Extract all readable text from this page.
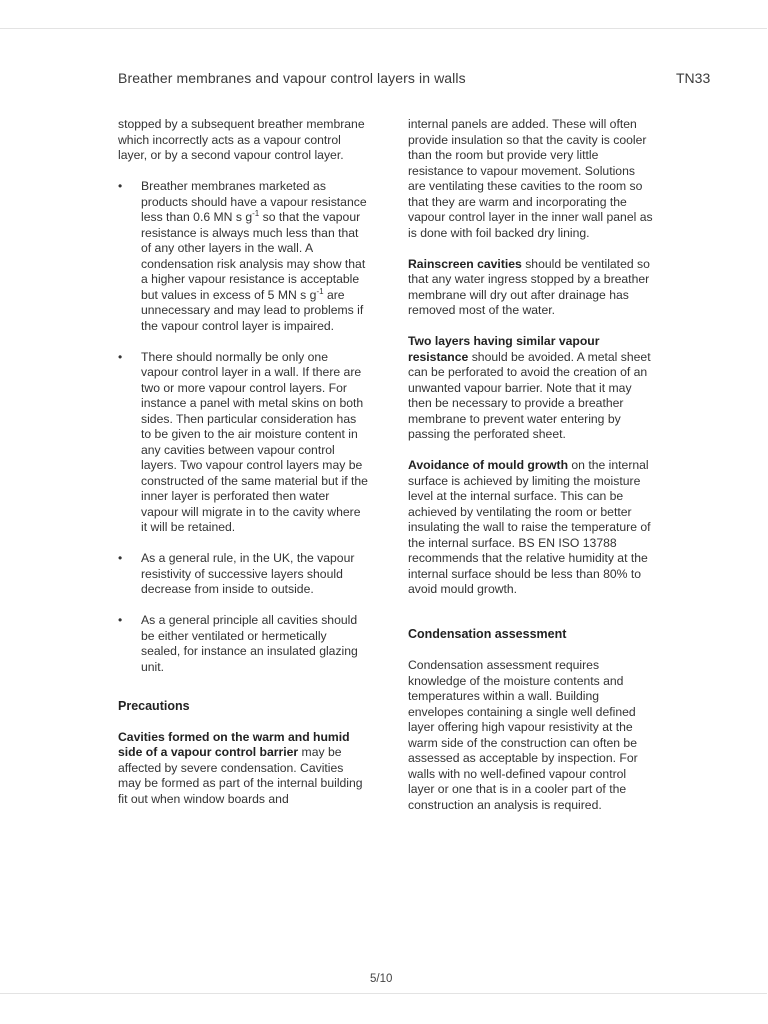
Breather membranes and vapour control layers in walls	TN33

stopped by a subsequent breather membrane which incorrectly acts as a vapour control layer, or by a second vapour control layer.

• Breather membranes marketed as products should have a vapour resistance less than 0.6 MN s $g^{-1}$ so that the vapour resistance is always much less than that of any other layers in the wall. A condensation risk analysis may show that a higher vapour resistance is acceptable but values in excess of 5 MN s $g^{-1}$ are unnecessary and may lead to problems if the vapour control layer is impaired.
• There should normally be only one vapour control layer in a wall. If there are two or more vapour control layers. For instance a panel with metal skins on both sides. Then particular consideration has to be given to the air moisture content in any cavities between vapour control layers. Two vapour control layers may be constructed of the same material but if the inner layer is perforated then water vapour will migrate in to the cavity where it will be retained.
• As a general rule, in the UK, the vapour resistivity of successive layers should decrease from inside to outside.
• As a general principle all cavities should be either ventilated or hermetically sealed, for instance an insulated glazing unit.
Precautions

Cavities formed on the warm and humid side of a vapour control barrier may be affected by severe condensation. Cavities may be formed as part of the internal building fit out when window boards and

internal panels are added. These will often provide insulation so that the cavity is cooler than the room but provide very little resistance to vapour movement. Solutions are ventilating these cavities to the room so that they are warm and incorporating the vapour control layer in the inner wall panel as is done with foil backed dry lining.

Rainscreen cavities should be ventilated so that any water ingress stopped by a breather membrane will dry out after drainage has removed most of the water.

Two layers having similar vapour resistance should be avoided. A metal sheet can be perforated to avoid the creation of an unwanted vapour barrier. Note that it may then be necessary to provide a breather membrane to prevent water entering by passing the perforated sheet.

Avoidance of mould growth on the internal surface is achieved by limiting the moisture level at the internal surface. This can be achieved by ventilating the room or better insulating the wall to raise the temperature of the internal surface. BS EN ISO 13788 recommends that the relative humidity at the internal surface should be less than 80% to avoid mould growth.

Condensation assessment

Condensation assessment requires knowledge of the moisture contents and temperatures within a wall. Building envelopes containing a single well defined layer offering high vapour resistivity at the warm side of the construction can often be assessed as acceptable by inspection. For walls with no well-defined vapour control layer or one that is in a cooler part of the construction an analysis is required.

5/10
